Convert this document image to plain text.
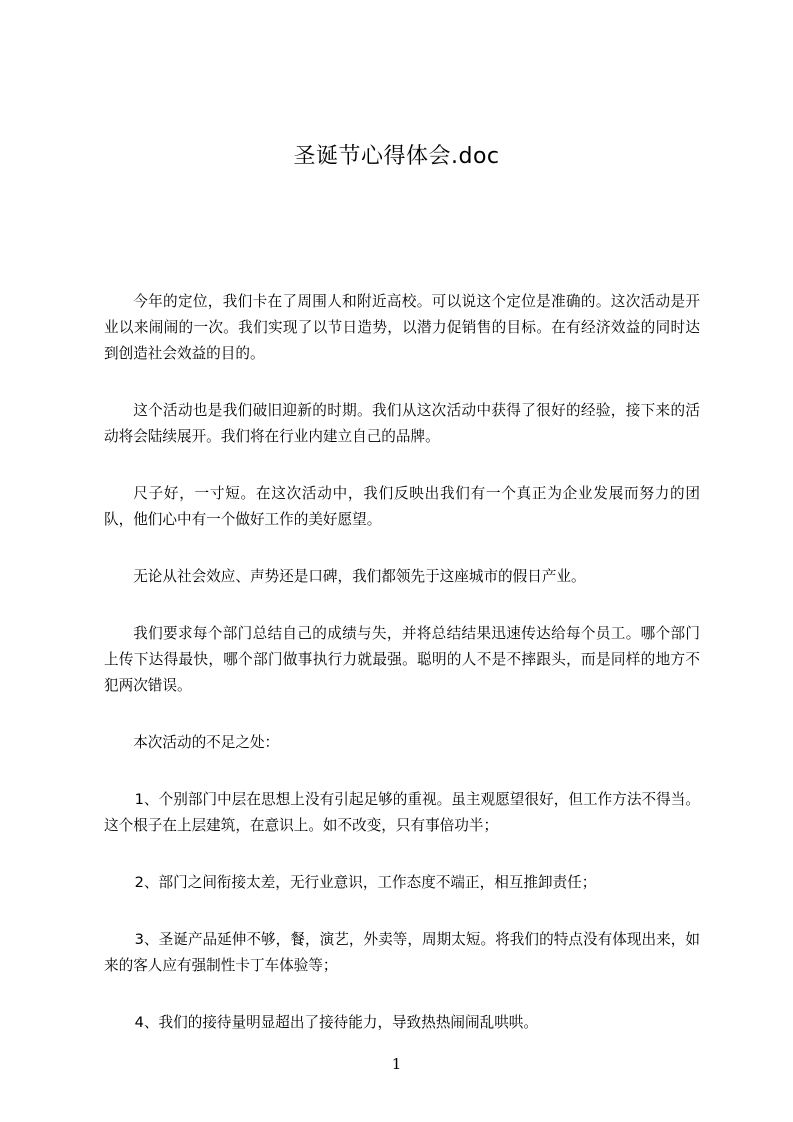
圣诞节心得体会.doc

今年的定位，我们卡在了周围人和附近高校。可以说这个定位是准确的。这次活动是开业以来闹闹的一次。我们实现了以节日造势，以潜力促销售的目标。在有经济效益的同时达到创造社会效益的目的。

这个活动也是我们破旧迎新的时期。我们从这次活动中获得了很好的经验，接下来的活动将会陆续展开。我们将在行业内建立自己的品牌。

尺子好，一寸短。在这次活动中，我们反映出我们有一个真正为企业发展而努力的团队，他们心中有一个做好工作的美好愿望。

无论从社会效应、声势还是口碑，我们都领先于这座城市的假日产业。

我们要求每个部门总结自己的成绩与失，并将总结结果迅速传达给每个员工。哪个部门上传下达得最快，哪个部门做事执行力就最强。聪明的人不是不摔跟头，而是同样的地方不犯两次错误。

本次活动的不足之处：

1、个别部门中层在思想上没有引起足够的重视。虽主观愿望很好，但工作方法不得当。这个根子在上层建筑，在意识上。如不改变，只有事倍功半；

2、部门之间衔接太差，无行业意识，工作态度不端正，相互推卸责任；

3、圣诞产品延伸不够，餐，演艺，外卖等，周期太短。将我们的特点没有体现出来，如来的客人应有强制性卡丁车体验等；

4、我们的接待量明显超出了接待能力，导致热热闹闹乱哄哄。

1
